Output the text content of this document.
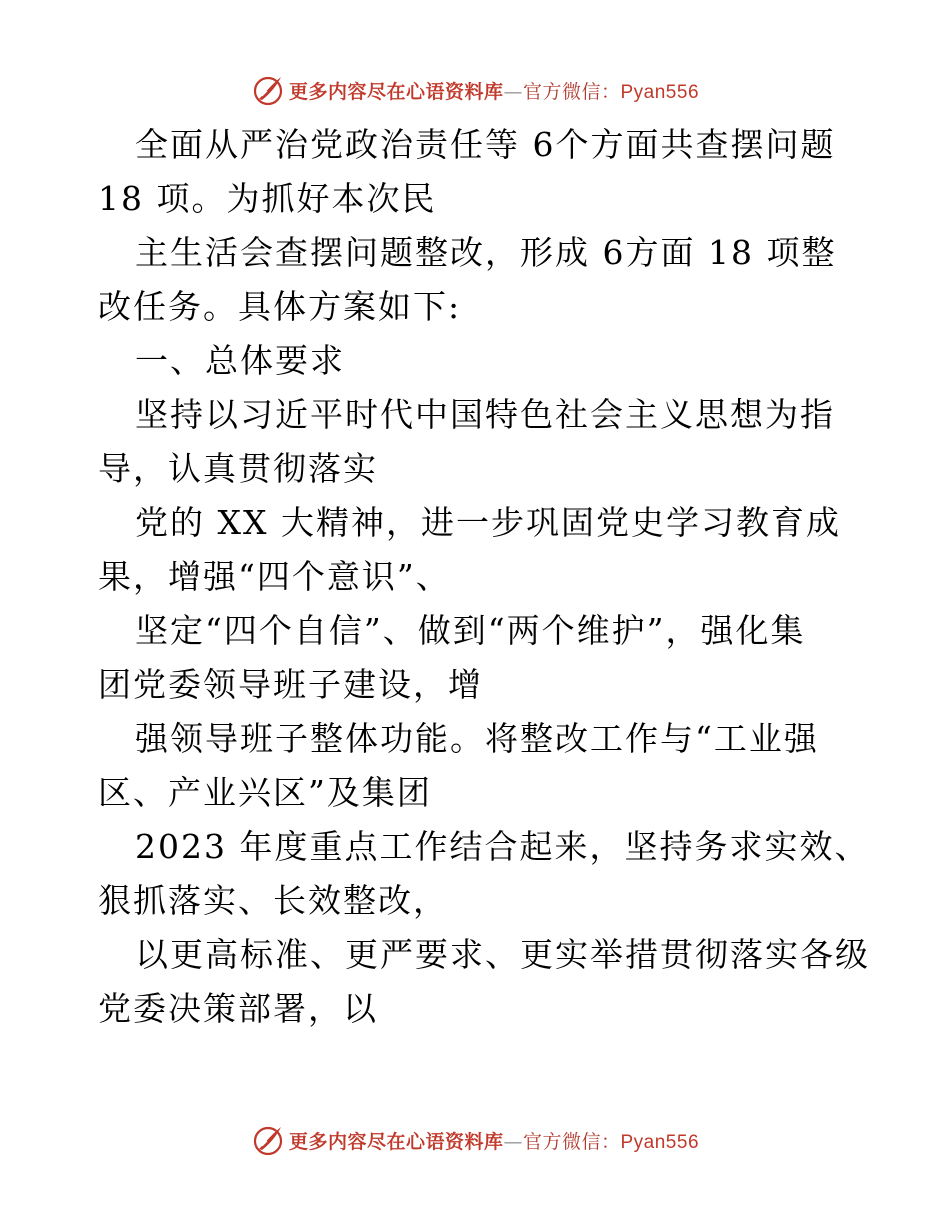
更多内容尽在心语资料库—官方微信：Pyan556
全面从严治党政治责任等 6个方面共查摆问题
18 项。为抓好本次民
主生活会查摆问题整改，形成 6方面 18 项整
改任务。具体方案如下:
一、总体要求
坚持以习近平时代中国特色社会主义思想为指
导，认真贯彻落实
党的 XX 大精神，进一步巩固党史学习教育成
果，增强“四个意识”、
坚定“四个自信”、做到“两个维护”，强化集
团党委领导班子建设，增
强领导班子整体功能。将整改工作与“工业强
区、产业兴区”及集团
2023 年度重点工作结合起来，坚持务求实效、
狠抓落实、长效整改，
以更高标准、更严要求、更实举措贯彻落实各级
党委决策部署，以
更多内容尽在心语资料库—官方微信：Pyan556
